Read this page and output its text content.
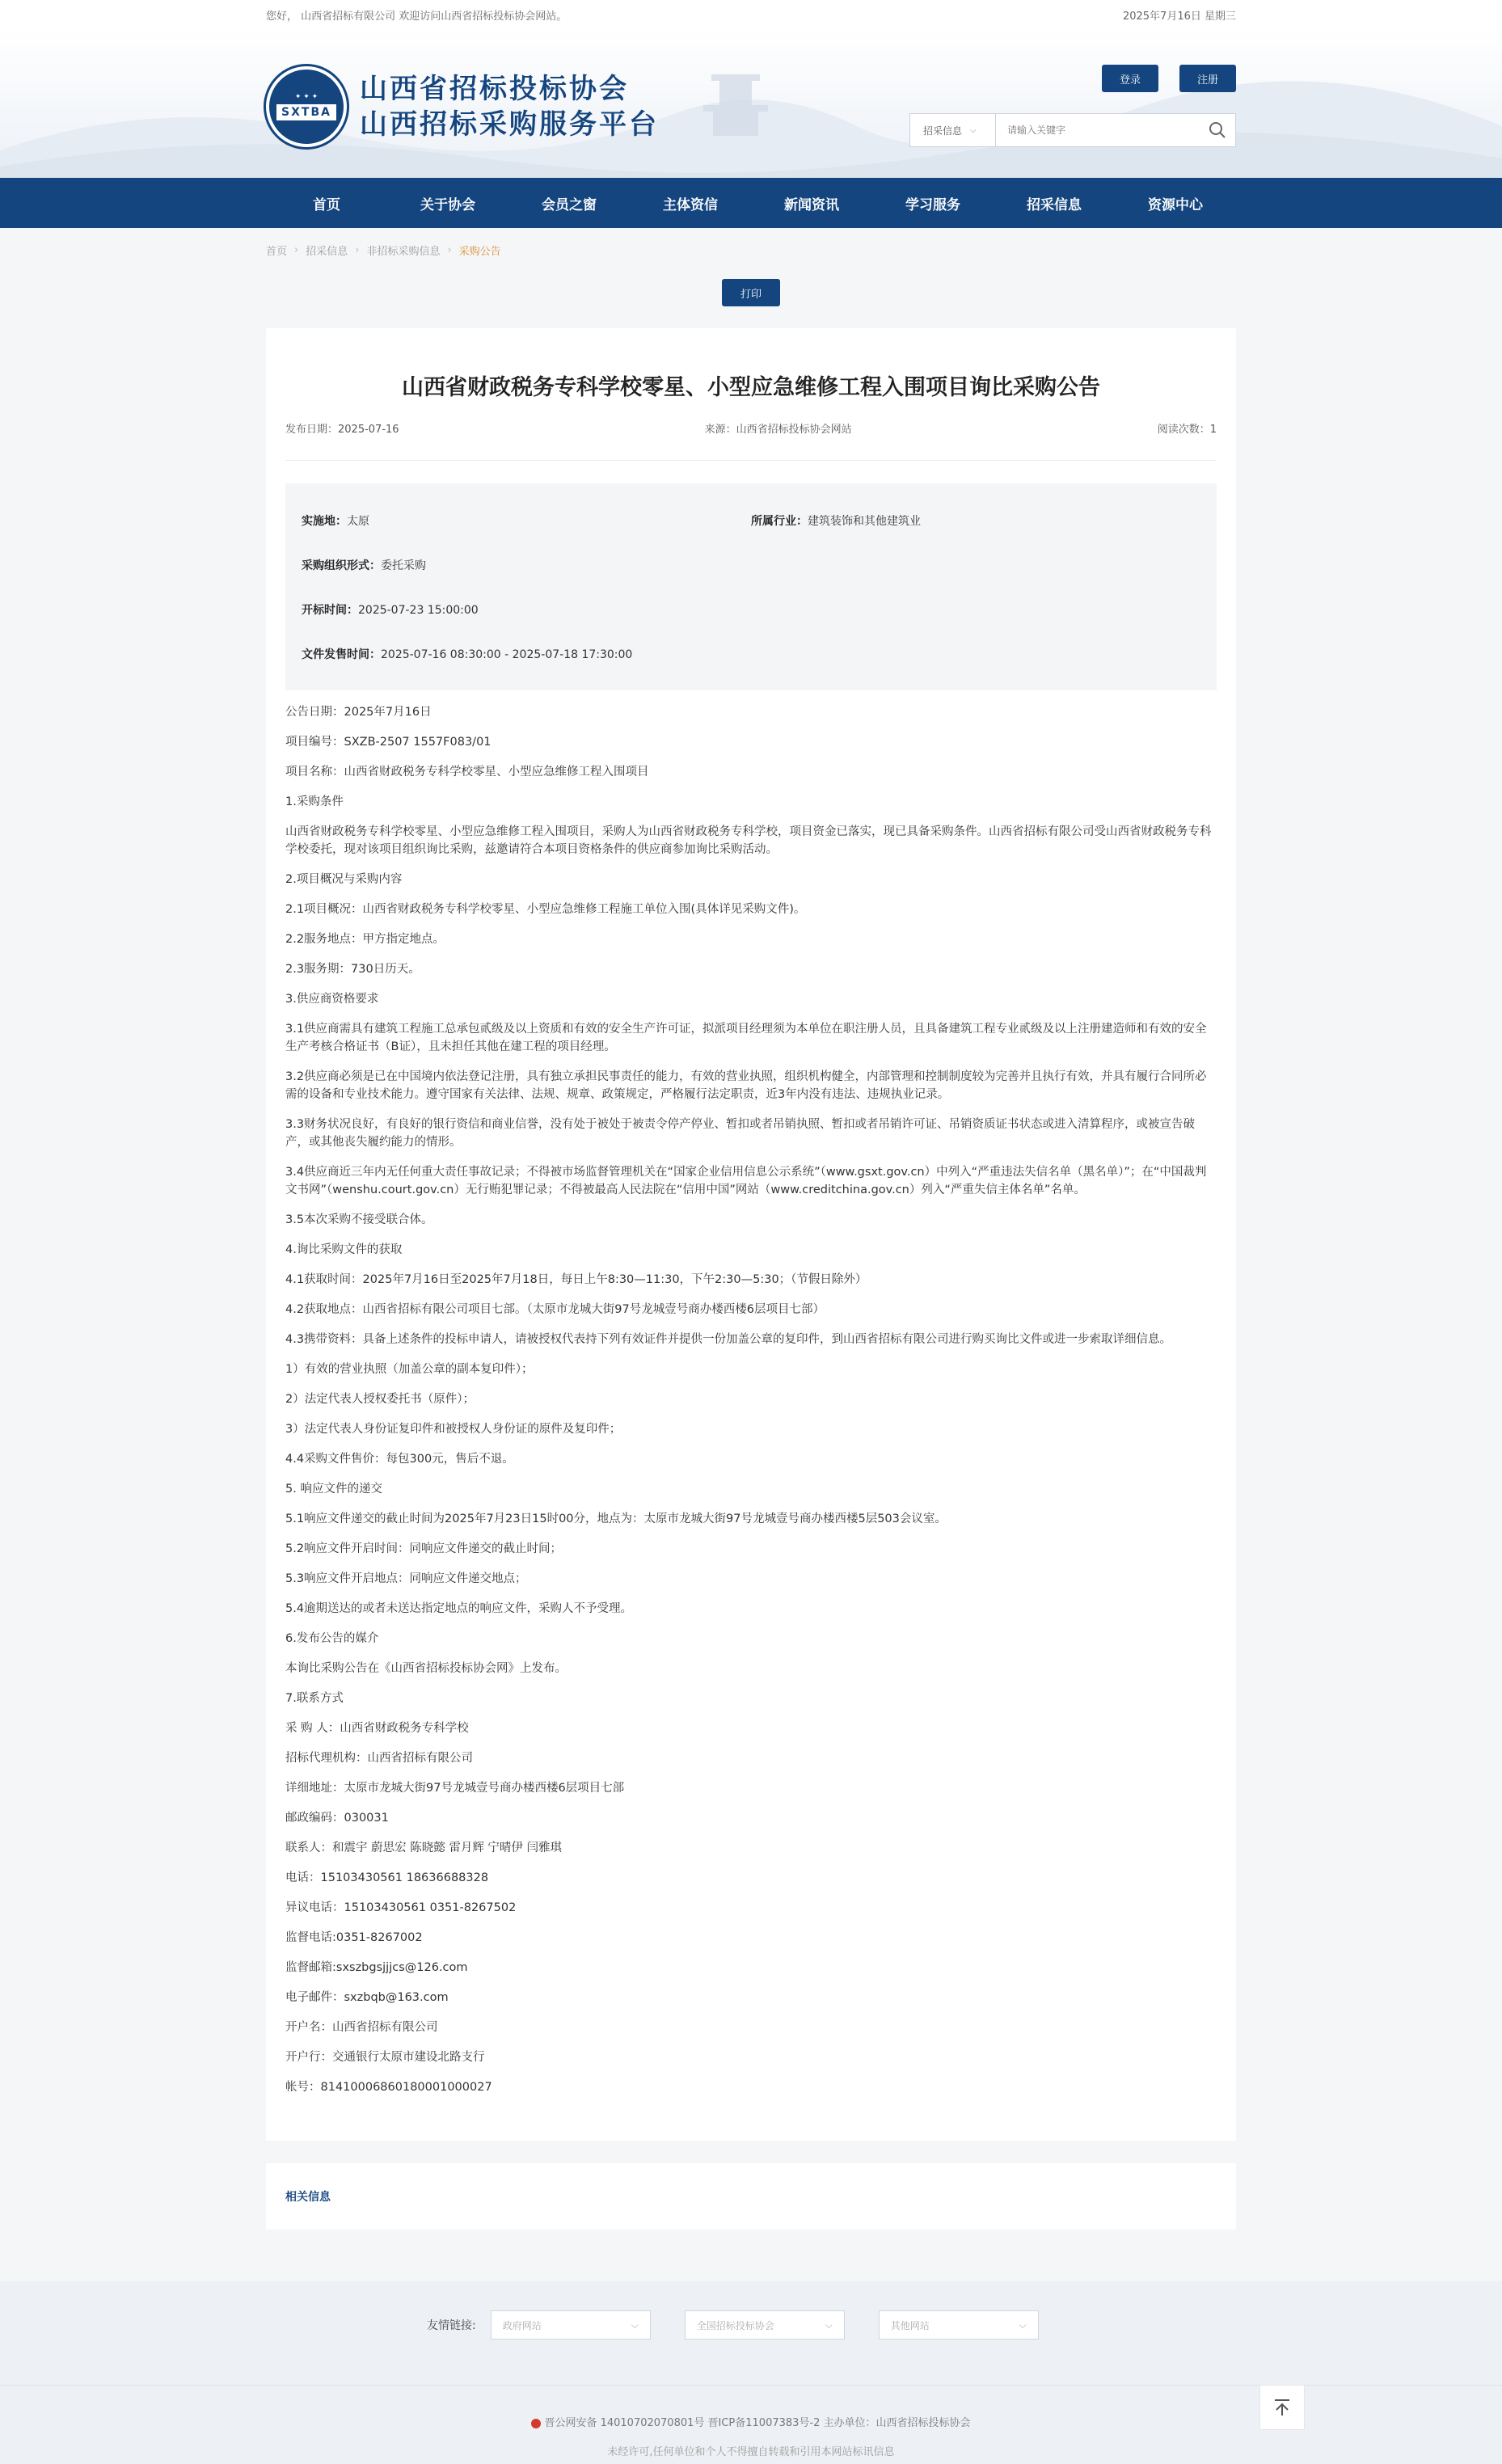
您好， 山西省招标有限公司 欢迎访问山西省招标投标协会网站。	2025年7月16日 星期三
✦ ✦ ✦
SXTBA
山西省招标投标协会
山西招标采购服务平台
登录	注册
招采信息 ⌵
请输入关键字
首页	关于协会	会员之窗	主体资信	新闻资讯	学习服务	招采信息	资源中心
首页 › 招采信息 › 非招标采购信息 › 采购公告
打印
山西省财政税务专科学校零星、小型应急维修工程入围项目询比采购公告
发布日期：2025-07-16	来源：山西省招标投标协会网站	阅读次数：1
实施地：太原	所属行业：建筑装饰和其他建筑业
采购组织形式：委托采购
开标时间：2025-07-23 15:00:00
文件发售时间：2025-07-16 08:30:00 - 2025-07-18 17:30:00

公告日期：2025年7月16日

项目编号：SXZB-2507 1557F083/01

项目名称：山西省财政税务专科学校零星、小型应急维修工程入围项目

1.采购条件

山西省财政税务专科学校零星、小型应急维修工程入围项目，采购人为山西省财政税务专科学校，项目资金已落实，现已具备采购条件。山西省招标有限公司受山西省财政税务专科学校委托，现对该项目组织询比采购，兹邀请符合本项目资格条件的供应商参加询比采购活动。

2.项目概况与采购内容

2.1项目概况：山西省财政税务专科学校零星、小型应急维修工程施工单位入围(具体详见采购文件)。

2.2服务地点：甲方指定地点。

2.3服务期：730日历天。

3.供应商资格要求

3.1供应商需具有建筑工程施工总承包贰级及以上资质和有效的安全生产许可证，拟派项目经理须为本单位在职注册人员，且具备建筑工程专业贰级及以上注册建造师和有效的安全生产考核合格证书（B证），且未担任其他在建工程的项目经理。

3.2供应商必须是已在中国境内依法登记注册，具有独立承担民事责任的能力，有效的营业执照，组织机构健全，内部管理和控制制度较为完善并且执行有效，并具有履行合同所必需的设备和专业技术能力。遵守国家有关法律、法规、规章、政策规定，严格履行法定职责，近3年内没有违法、违规执业记录。

3.3财务状况良好，有良好的银行资信和商业信誉，没有处于被处于被责令停产停业、暂扣或者吊销执照、暂扣或者吊销许可证、吊销资质证书状态或进入清算程序，或被宣告破产，或其他丧失履约能力的情形。

3.4供应商近三年内无任何重大责任事故记录；不得被市场监督管理机关在“国家企业信用信息公示系统”（www.gsxt.gov.cn）中列入“严重违法失信名单（黑名单）”；在“中国裁判文书网”（wenshu.court.gov.cn）无行贿犯罪记录；不得被最高人民法院在“信用中国”网站（www.creditchina.gov.cn）列入“严重失信主体名单”名单。

3.5本次采购不接受联合体。

4.询比采购文件的获取

4.1获取时间：2025年7月16日至2025年7月18日，每日上午8:30—11:30，下午2:30—5:30；（节假日除外）

4.2获取地点：山西省招标有限公司项目七部。（太原市龙城大街97号龙城壹号商办楼西楼6层项目七部）

4.3携带资料：具备上述条件的投标申请人，请被授权代表持下列有效证件并提供一份加盖公章的复印件，到山西省招标有限公司进行购买询比文件或进一步索取详细信息。

1）有效的营业执照（加盖公章的副本复印件）；

2）法定代表人授权委托书（原件）；

3）法定代表人身份证复印件和被授权人身份证的原件及复印件；

4.4采购文件售价：每包300元，售后不退。

5. 响应文件的递交

5.1响应文件递交的截止时间为2025年7月23日15时00分，地点为：太原市龙城大街97号龙城壹号商办楼西楼5层503会议室。

5.2响应文件开启时间：同响应文件递交的截止时间；

5.3响应文件开启地点：同响应文件递交地点；

5.4逾期送达的或者未送达指定地点的响应文件，采购人不予受理。

6.发布公告的媒介

本询比采购公告在《山西省招标投标协会网》上发布。

7.联系方式

采 购 人：山西省财政税务专科学校

招标代理机构：山西省招标有限公司

详细地址：太原市龙城大街97号龙城壹号商办楼西楼6层项目七部

邮政编码：030031

联系人：和震宇 蔚思宏 陈晓懿 雷月辉 宁晴伊 闫雅琪

电话：15103430561 18636688328

异议电话：15103430561 0351-8267502

监督电话:0351-8267002

监督邮箱:sxszbgsjjjcs@126.com

电子邮件：sxzbqb@163.com

开户名：山西省招标有限公司

开户行：交通银行太原市建设北路支行

帐号：81410006860180001000027

相关信息
友情链接:	政府网站	⌵	全国招标投标协会	⌵	其他网站	⌵
晋公网安备 14010702070801号 晋ICP备11007383号-2 主办单位：山西省招标投标协会
未经许可,任何单位和个人不得擅自转载和引用本网站标讯信息
